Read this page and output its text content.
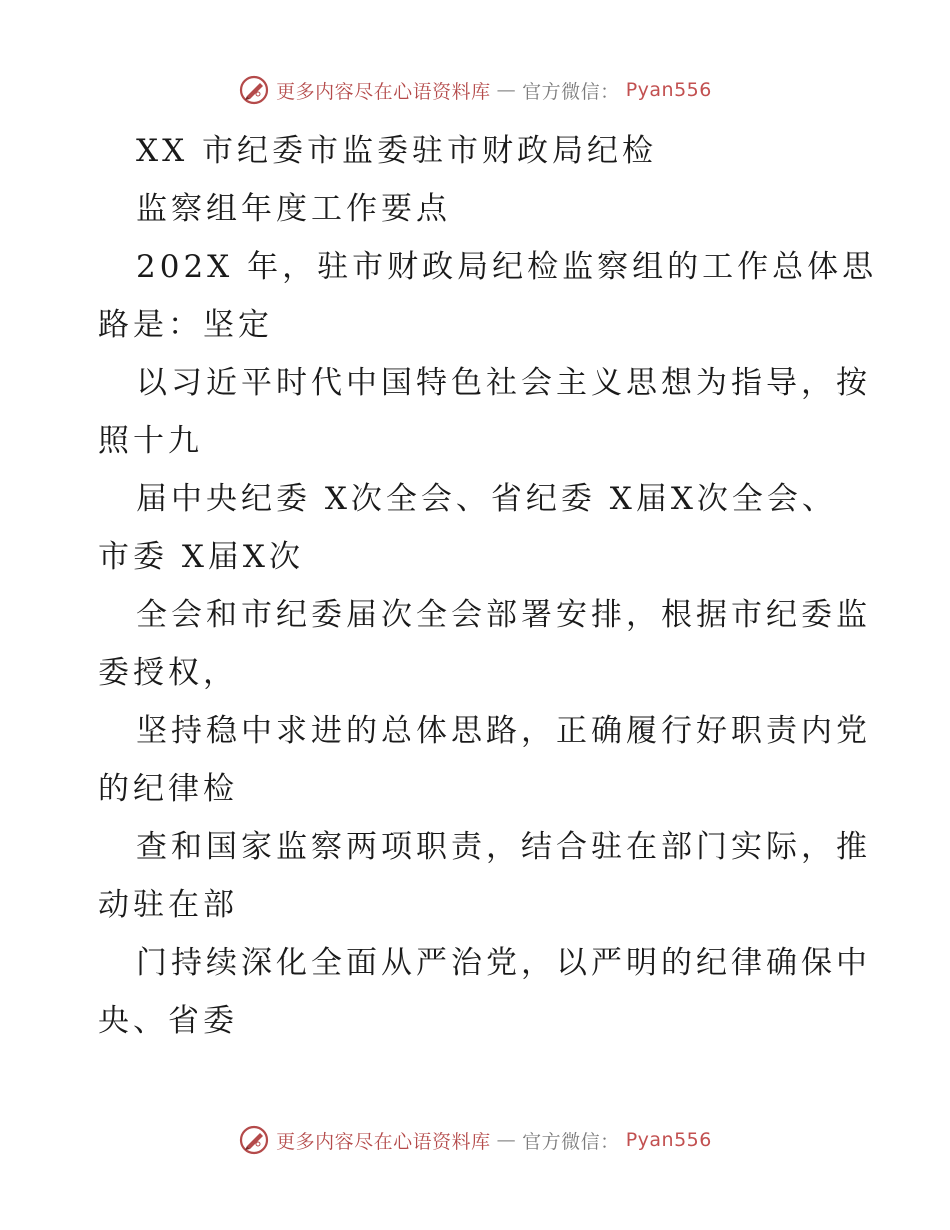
更多内容尽在心语资料库 — 官方微信： Pyan556
XX 市纪委市监委驻市财政局纪检
监察组年度工作要点
202X 年，驻市财政局纪检监察组的工作总体思
路是：坚定
以习近平时代中国特色社会主义思想为指导，按
照十九
届中央纪委 X次全会、省纪委 X届X次全会、
市委 X届X次
全会和市纪委届次全会部署安排，根据市纪委监
委授权，
坚持稳中求进的总体思路，正确履行好职责内党
的纪律检
查和国家监察两项职责，结合驻在部门实际，推
动驻在部
门持续深化全面从严治党，以严明的纪律确保中
央、省委
更多内容尽在心语资料库 — 官方微信： Pyan556
